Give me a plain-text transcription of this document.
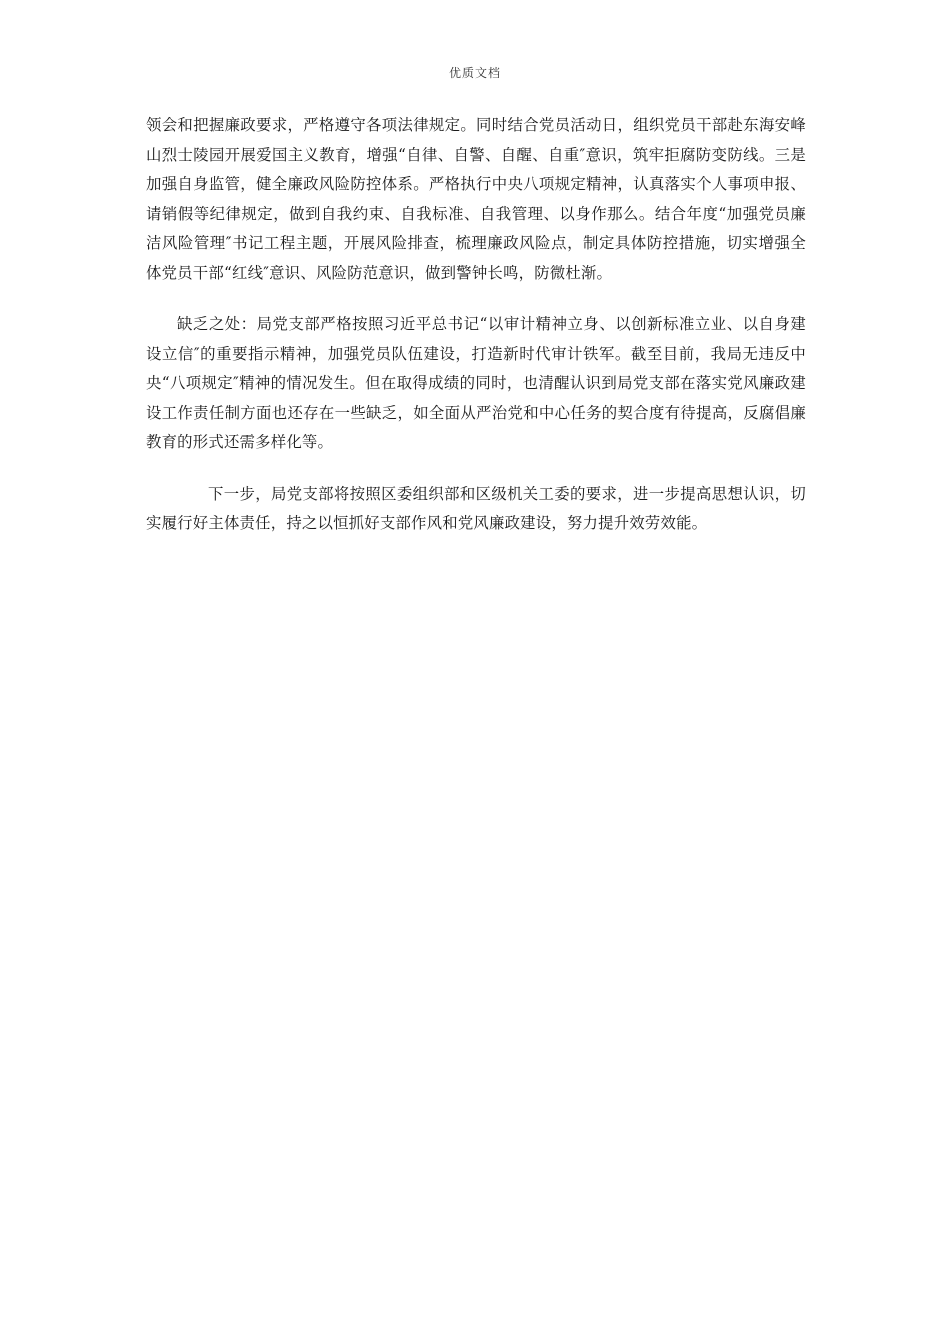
优质文档

领会和把握廉政要求，严格遵守各项法律规定。同时结合党员活动日，组织党员干部赴东海安峰山烈士陵园开展爱国主义教育，增强“自律、自警、自醒、自重″意识，筑牢拒腐防变防线。三是加强自身监管，健全廉政风险防控体系。严格执行中央八项规定精神，认真落实个人事项申报、请销假等纪律规定，做到自我约束、自我标准、自我管理、以身作那么。结合年度“加强党员廉洁风险管理″书记工程主题，开展风险排查，梳理廉政风险点，制定具体防控措施，切实增强全体党员干部“红线″意识、风险防范意识，做到警钟长鸣，防微杜渐。

缺乏之处：局党支部严格按照习近平总书记“以审计精神立身、以创新标准立业、以自身建设立信″的重要指示精神，加强党员队伍建设，打造新时代审计铁军。截至目前，我局无违反中央“八项规定″精神的情况发生。但在取得成绩的同时，也清醒认识到局党支部在落实党风廉政建设工作责任制方面也还存在一些缺乏，如全面从严治党和中心任务的契合度有待提高，反腐倡廉教育的形式还需多样化等。

下一步，局党支部将按照区委组织部和区级机关工委的要求，进一步提高思想认识，切实履行好主体责任，持之以恒抓好支部作风和党风廉政建设，努力提升效劳效能。
